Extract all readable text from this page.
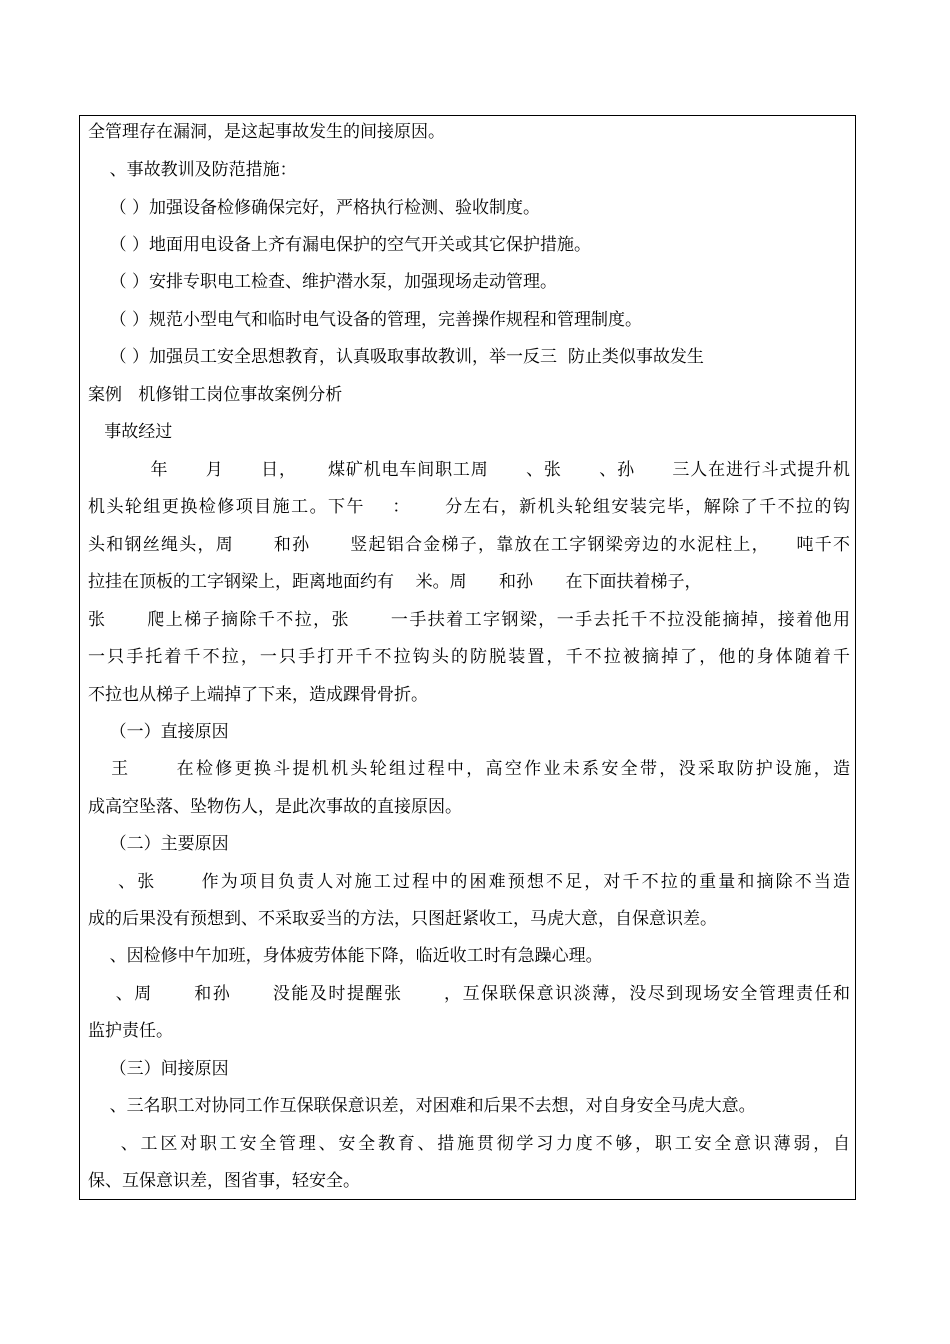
全管理存在漏洞，是这起事故发生的间接原因。

、事故教训及防范措施：

（ ）加强设备检修确保完好，严格执行检测、验收制度。

（ ）地面用电设备上齐有漏电保护的空气开关或其它保护措施。

（ ）安排专职电工检查、维护潜水泵，加强现场走动管理。

（ ）规范小型电气和临时电气设备的管理，完善操作规程和管理制度。

（ ）加强员工安全思想教育，认真吸取事故教训，举一反三  防止类似事故发生

案例   机修钳工岗位事故案例分析

事故经过

年      月      日，     煤矿机电车间职工周      、张      、孙      三人在进行斗式提升机

机头轮组更换检修项目施工。下午    ：     分左右，新机头轮组安装完毕，解除了千不拉的钩

头和钢丝绳头，周      和孙      竖起铝合金梯子，靠放在工字钢梁旁边的水泥柱上，    吨千不

拉挂在顶板的工字钢梁上，距离地面约有    米。周      和孙      在下面扶着梯子，

张      爬上梯子摘除千不拉，张      一手扶着工字钢梁，一手去托千不拉没能摘掉，接着他用

一只手托着千不拉，一只手打开千不拉钩头的防脱装置，千不拉被摘掉了，他的身体随着千

不拉也从梯子上端掉了下来，造成踝骨骨折。

（一）直接原因

王      在检修更换斗提机机头轮组过程中，高空作业未系安全带，没采取防护设施，造

成高空坠落、坠物伤人，是此次事故的直接原因。

（二）主要原因

、张      作为项目负责人对施工过程中的困难预想不足，对千不拉的重量和摘除不当造

成的后果没有预想到、不采取妥当的方法，只图赶紧收工，马虎大意，自保意识差。

、因检修中午加班，身体疲劳体能下降，临近收工时有急躁心理。

、周      和孙      没能及时提醒张      ，互保联保意识淡薄，没尽到现场安全管理责任和

监护责任。

（三）间接原因

、三名职工对协同工作互保联保意识差，对困难和后果不去想，对自身安全马虎大意。

、工区对职工安全管理、安全教育、措施贯彻学习力度不够，职工安全意识薄弱，自

保、互保意识差，图省事，轻安全。
